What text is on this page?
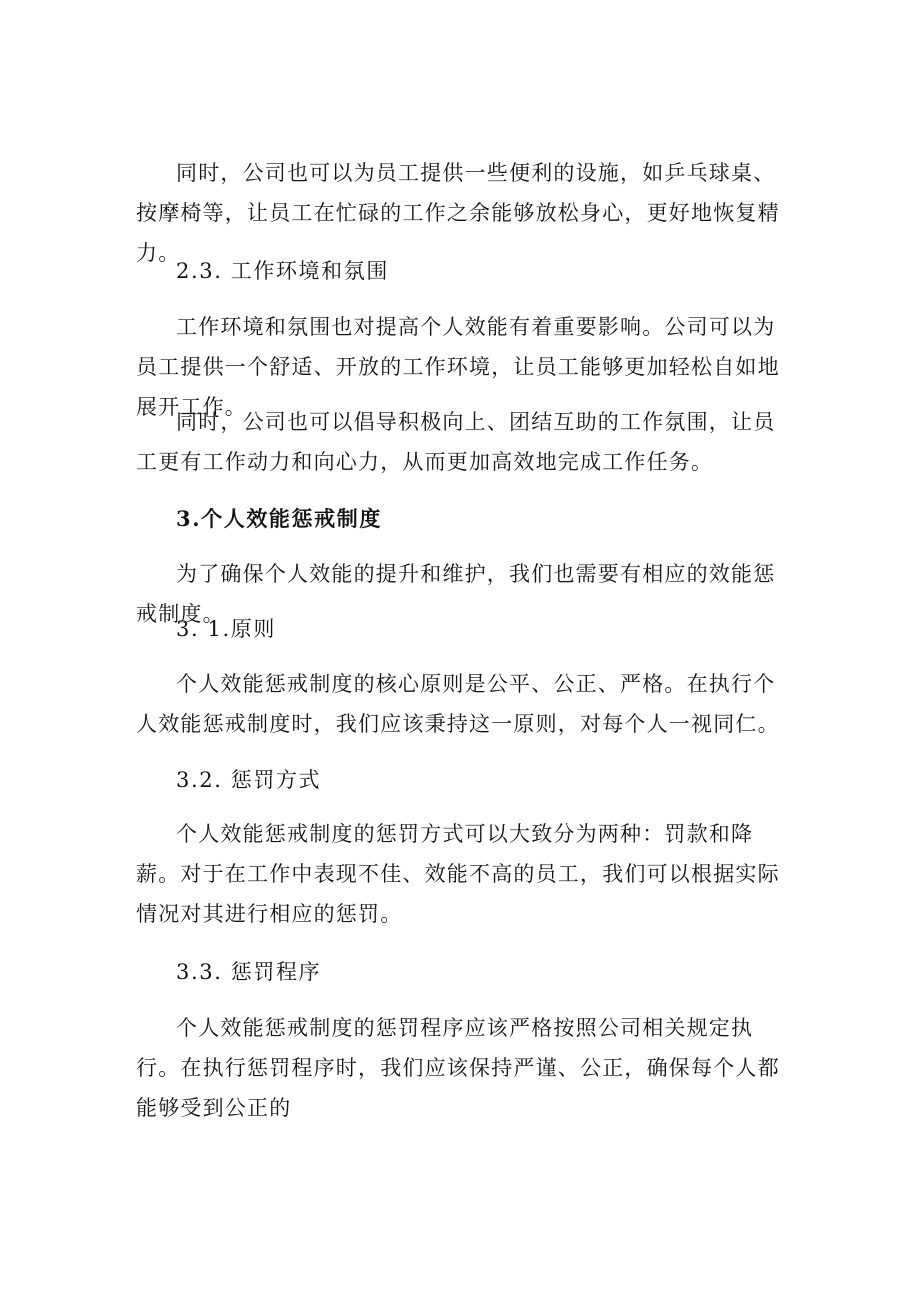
同时，公司也可以为员工提供一些便利的设施，如乒乓球桌、按摩椅等，让员工在忙碌的工作之余能够放松身心，更好地恢复精力。

2.3. 工作环境和氛围

工作环境和氛围也对提高个人效能有着重要影响。公司可以为员工提供一个舒适、开放的工作环境，让员工能够更加轻松自如地展开工作。

同时，公司也可以倡导积极向上、团结互助的工作氛围，让员工更有工作动力和向心力，从而更加高效地完成工作任务。

3.个人效能惩戒制度

为了确保个人效能的提升和维护，我们也需要有相应的效能惩戒制度。

3. 1.原则

个人效能惩戒制度的核心原则是公平、公正、严格。在执行个人效能惩戒制度时，我们应该秉持这一原则，对每个人一视同仁。

3.2. 惩罚方式

个人效能惩戒制度的惩罚方式可以大致分为两种：罚款和降薪。对于在工作中表现不佳、效能不高的员工，我们可以根据实际情况对其进行相应的惩罚。

3.3. 惩罚程序

个人效能惩戒制度的惩罚程序应该严格按照公司相关规定执行。在执行惩罚程序时，我们应该保持严谨、公正，确保每个人都能够受到公正的
